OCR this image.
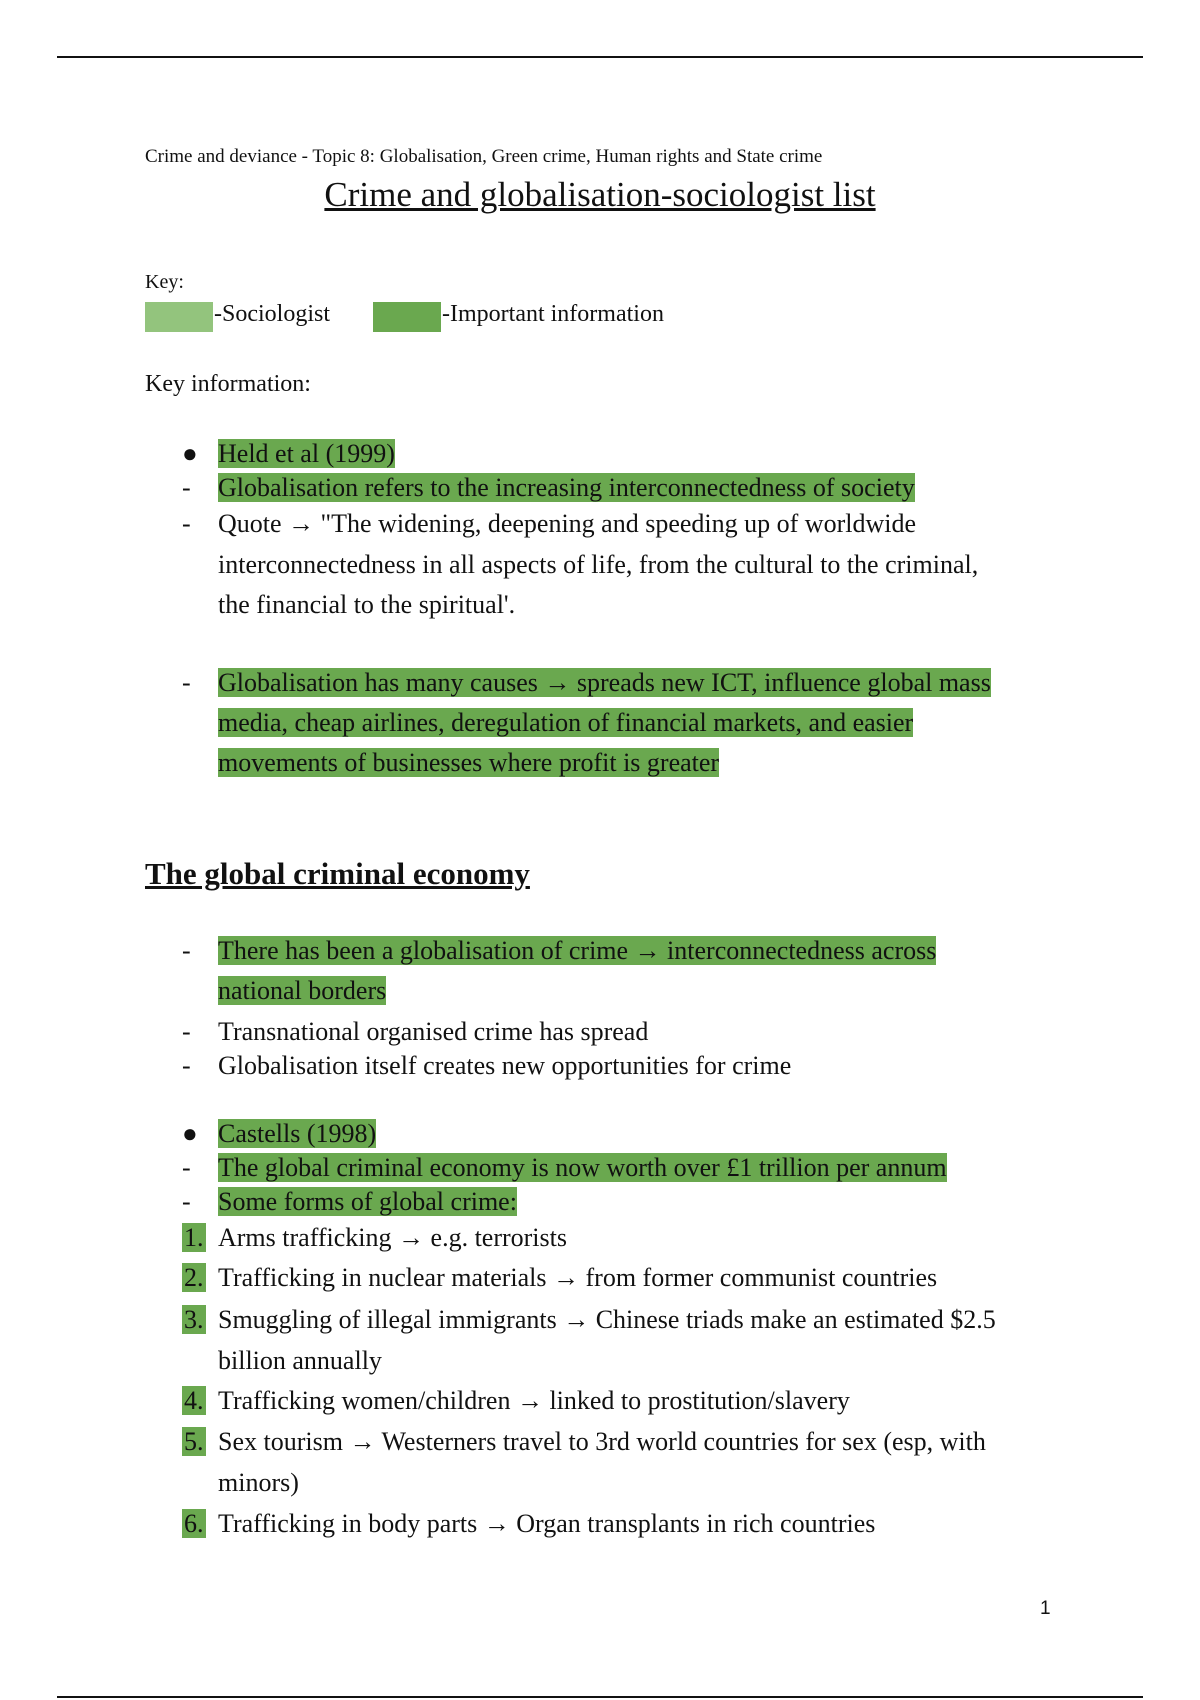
Crime and deviance - Topic 8: Globalisation, Green crime, Human rights and State crime
Crime and globalisation-sociologist list
Key:
-Sociologist	-Important information
Key information:
● Held et al (1999)
- Globalisation refers to the increasing interconnectedness of society
- Quote → "The widening, deepening and speeding up of worldwide
interconnectedness in all aspects of life, from the cultural to the criminal,
the financial to the spiritual'.
- Globalisation has many causes → spreads new ICT, influence global mass
media, cheap airlines, deregulation of financial markets, and easier
movements of businesses where profit is greater
The global criminal economy
- There has been a globalisation of crime → interconnectedness across
national borders
- Transnational organised crime has spread
- Globalisation itself creates new opportunities for crime
● Castells (1998)
- The global criminal economy is now worth over £1 trillion per annum
- Some forms of global crime:
1. Arms trafficking → e.g. terrorists
2. Trafficking in nuclear materials → from former communist countries
3. Smuggling of illegal immigrants → Chinese triads make an estimated $2.5
billion annually
4. Trafficking women/children → linked to prostitution/slavery
5. Sex tourism → Westerners travel to 3rd world countries for sex (esp, with
minors)
6. Trafficking in body parts → Organ transplants in rich countries
1
